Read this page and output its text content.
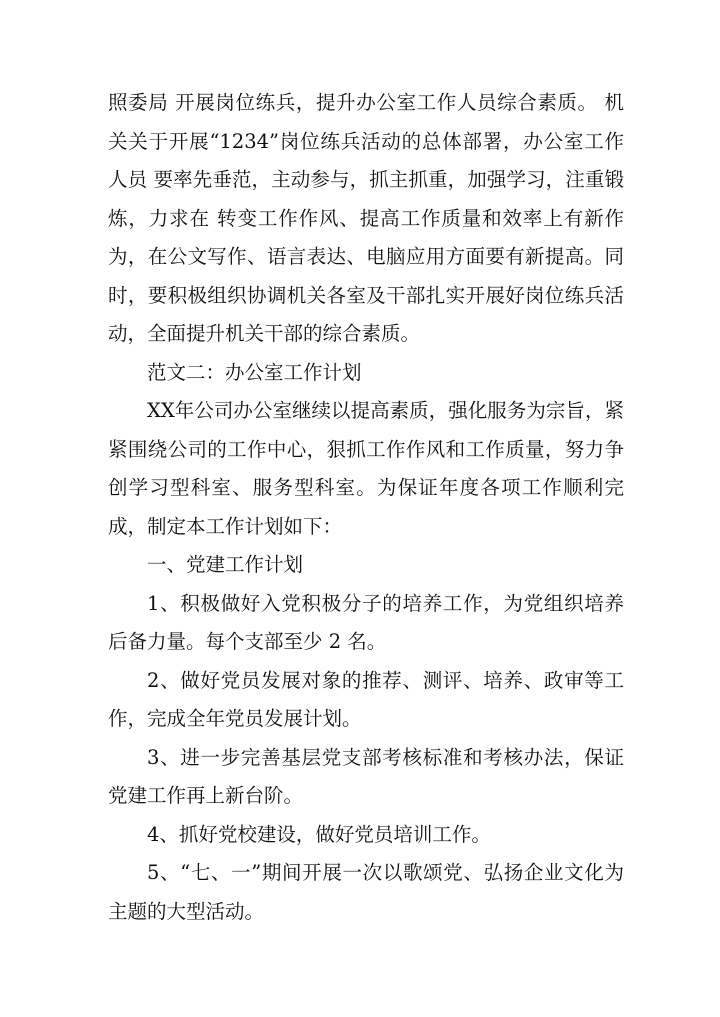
照委局 开展岗位练兵，提升办公室工作人员综合素质。 机关关于开展“1234”岗位练兵活动的总体部署，办公室工作人员 要率先垂范，主动参与，抓主抓重，加强学习，注重锻炼，力求在 转变工作作风、提高工作质量和效率上有新作为，在公文写作、语言表达、电脑应用方面要有新提高。同时，要积极组织协调机关各室及干部扎实开展好岗位练兵活动，全面提升机关干部的综合素质。

范文二：办公室工作计划

XX年公司办公室继续以提高素质，强化服务为宗旨，紧紧围绕公司的工作中心，狠抓工作作风和工作质量，努力争创学习型科室、服务型科室。为保证年度各项工作顺利完成，制定本工作计划如下：

一、党建工作计划

1、积极做好入党积极分子的培养工作，为党组织培养后备力量。每个支部至少 2 名。

2、做好党员发展对象的推荐、测评、培养、政审等工作，完成全年党员发展计划。

3、进一步完善基层党支部考核标准和考核办法，保证党建工作再上新台阶。

4、抓好党校建设，做好党员培训工作。

5、“七、一”期间开展一次以歌颂党、弘扬企业文化为主题的大型活动。
